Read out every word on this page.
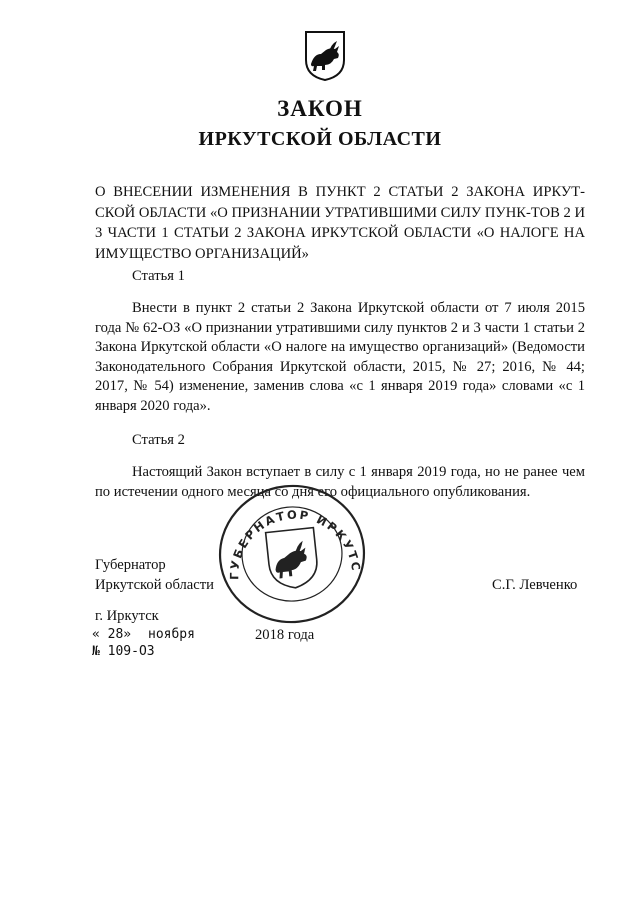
ЗАКОН
ИРКУТСКОЙ ОБЛАСТИ
О ВНЕСЕНИИ ИЗМЕНЕНИЯ В ПУНКТ 2 СТАТЬИ 2 ЗАКОНА ИРКУТ-СКОЙ ОБЛАСТИ «О ПРИЗНАНИИ УТРАТИВШИМИ СИЛУ ПУНК-ТОВ 2 И 3 ЧАСТИ 1 СТАТЬИ 2 ЗАКОНА ИРКУТСКОЙ ОБЛАСТИ «О НАЛОГЕ НА ИМУЩЕСТВО ОРГАНИЗАЦИЙ»
Статья 1
Внести в пункт 2 статьи 2 Закона Иркутской области от 7 июля 2015 года № 62-ОЗ «О признании утратившими силу пунктов 2 и 3 части 1 статьи 2 Закона Иркутской области «О налоге на имущество организаций» (Ведомости Законодательного Собрания Иркутской области, 2015, № 27; 2016, № 44; 2017, № 54) изменение, заменив слова «с 1 января 2019 года» словами «с 1 января 2020 года».
Статья 2
Настоящий Закон вступает в силу с 1 января 2019 года, но не ранее чем по истечении одного месяца со дня его официального опубликования.
ГУБЕРНАТОР ИРКУТСКОЙ
Губернатор
Иркутской области	С.Г. Левченко
г. Иркутск
« 28» ноября	2018 года
№ 109-ОЗ
